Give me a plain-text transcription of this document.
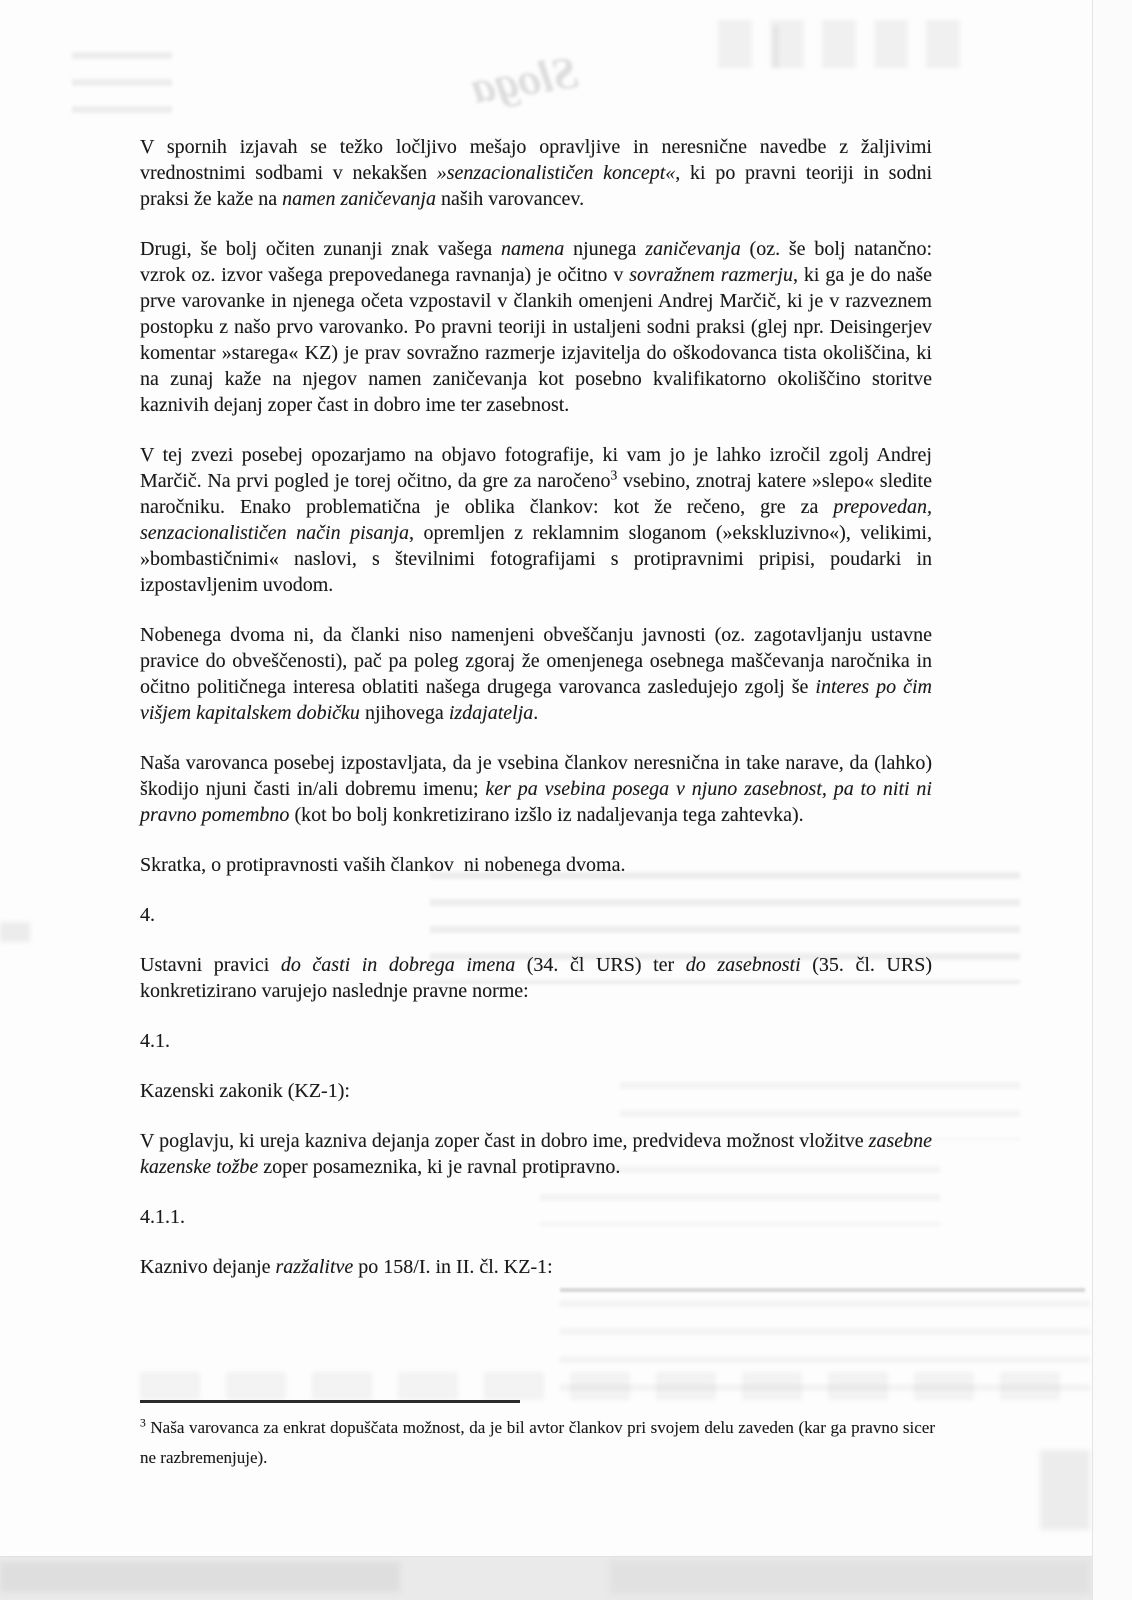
Sloga

V spornih izjavah se težko ločljivo mešajo opravljive in neresnične navedbe z žaljivimi vrednostnimi sodbami v nekakšen »senzacionalističen koncept«, ki po pravni teoriji in sodni praksi že kaže na namen zaničevanja naših varovancev.

Drugi, še bolj očiten zunanji znak vašega namena njunega zaničevanja (oz. še bolj natančno: vzrok oz. izvor vašega prepovedanega ravnanja) je očitno v sovražnem razmerju, ki ga je do naše prve varovanke in njenega očeta vzpostavil v člankih omenjeni Andrej Marčič, ki je v razveznem postopku z našo prvo varovanko. Po pravni teoriji in ustaljeni sodni praksi (glej npr. Deisingerjev komentar »starega« KZ) je prav sovražno razmerje izjavitelja do oškodovanca tista okoliščina, ki na zunaj kaže na njegov namen zaničevanja kot posebno kvalifikatorno okoliščino storitve kaznivih dejanj zoper čast in dobro ime ter zasebnost.

V tej zvezi posebej opozarjamo na objavo fotografije, ki vam jo je lahko izročil zgolj Andrej Marčič. Na prvi pogled je torej očitno, da gre za naročeno$^3$ vsebino, znotraj katere »slepo« sledite naročniku. Enako problematična je oblika člankov: kot že rečeno, gre za prepovedan, senzacionalističen način pisanja, opremljen z reklamnim sloganom (»ekskluzivno«), velikimi, »bombastičnimi« naslovi, s številnimi fotografijami s protipravnimi pripisi, poudarki in izpostavljenim uvodom.

Nobenega dvoma ni, da članki niso namenjeni obveščanju javnosti (oz. zagotavljanju ustavne pravice do obveščenosti), pač pa poleg zgoraj že omenjenega osebnega maščevanja naročnika in očitno političnega interesa oblatiti našega drugega varovanca zasledujejo zgolj še interes po čim višjem kapitalskem dobičku njihovega izdajatelja.

Naša varovanca posebej izpostavljata, da je vsebina člankov neresnična in take narave, da (lahko) škodijo njuni časti in/ali dobremu imenu; ker pa vsebina posega v njuno zasebnost, pa to niti ni pravno pomembno (kot bo bolj konkretizirano izšlo iz nadaljevanja tega zahtevka).

Skratka, o protipravnosti vaših člankov  ni nobenega dvoma.

4.

Ustavni pravici do časti in dobrega imena (34. čl URS) ter do zasebnosti (35. čl. URS) konkretizirano varujejo naslednje pravne norme:

4.1.

Kazenski zakonik (KZ-1):

V poglavju, ki ureja kazniva dejanja zoper čast in dobro ime, predvideva možnost vložitve zasebne kazenske tožbe zoper posameznika, ki je ravnal protipravno.

4.1.1.

Kaznivo dejanje razžalitve po 158/I. in II. čl. KZ-1:

$^3$ Naša varovanca za enkrat dopuščata možnost, da je bil avtor člankov pri svojem delu zaveden (kar ga pravno sicer ne razbremenjuje).
